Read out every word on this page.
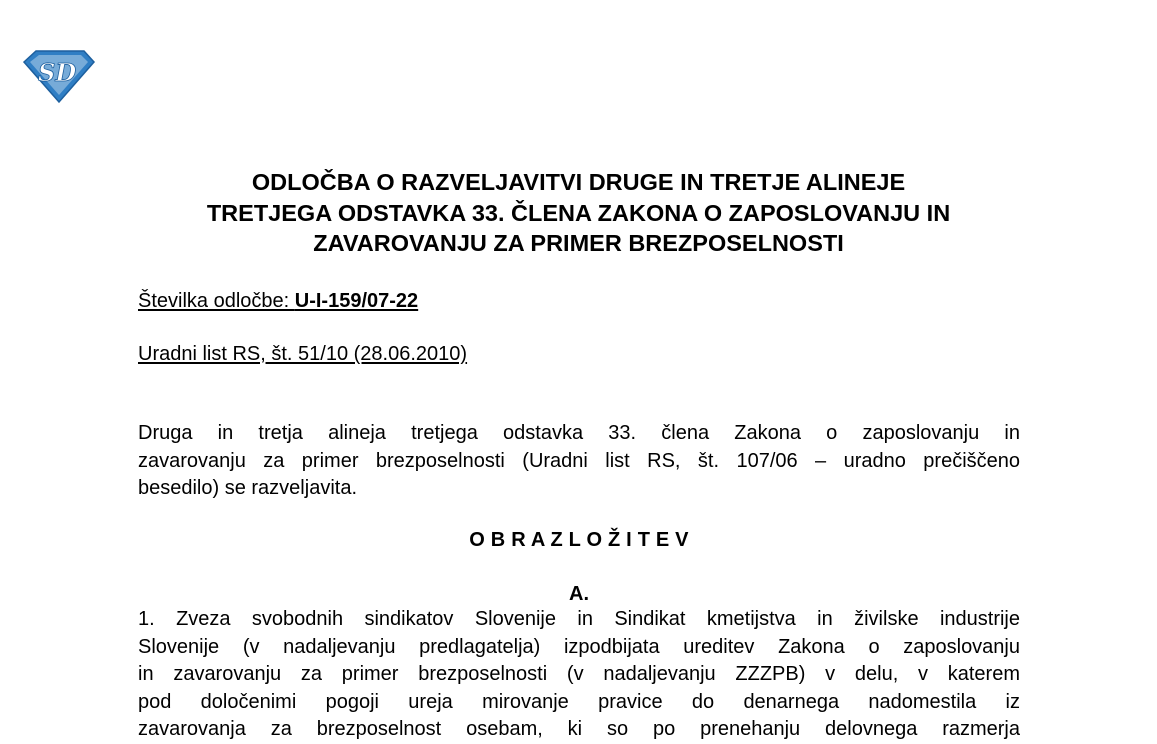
SD
ODLOČBA O RAZVELJAVITVI DRUGE IN TRETJE ALINEJE
TRETJEGA ODSTAVKA 33. ČLENA ZAKONA O ZAPOSLOVANJU IN
ZAVAROVANJU ZA PRIMER BREZPOSELNOSTI
Številka odločbe: U-I-159/07-22
Uradni list RS, št. 51/10 (28.06.2010)
Druga in tretja alineja tretjega odstavka 33. člena Zakona o zaposlovanju in
zavarovanju za primer brezposelnosti (Uradni list RS, št. 107/06 – uradno prečiščeno
besedilo) se razveljavita.
O B R A Z L O Ž I T E V
A.
1. Zveza svobodnih sindikatov Slovenije in Sindikat kmetijstva in živilske industrije
Slovenije (v nadaljevanju predlagatelja) izpodbijata ureditev Zakona o zaposlovanju
in zavarovanju za primer brezposelnosti (v nadaljevanju ZZZPB) v delu, v katerem
pod določenimi pogoji ureja mirovanje pravice do denarnega nadomestila iz
zavarovanja za brezposelnost osebam, ki so po prenehanju delovnega razmerja
